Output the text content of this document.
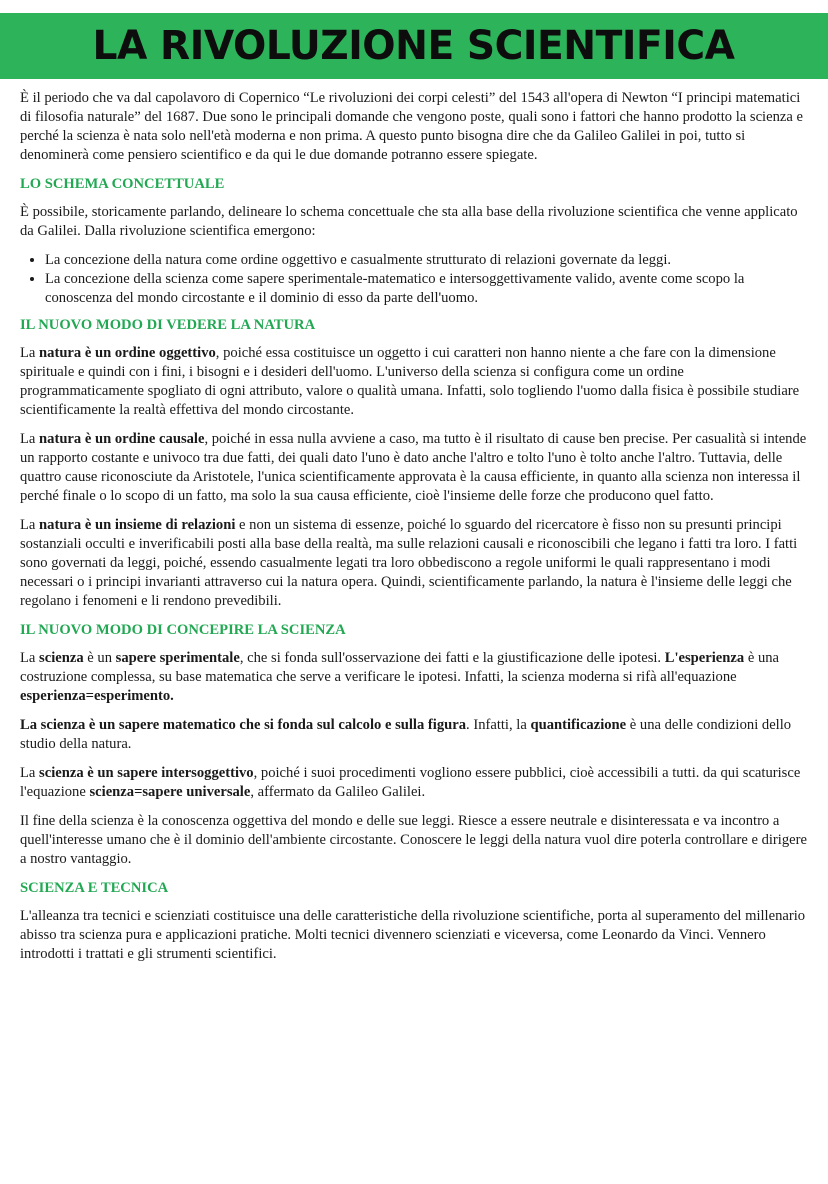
LA RIVOLUZIONE SCIENTIFICA

È il periodo che va dal capolavoro di Copernico “Le rivoluzioni dei corpi celesti” del 1543 all'opera di Newton “I principi matematici di filosofia naturale” del 1687. Due sono le principali domande che vengono poste, quali sono i fattori che hanno prodotto la scienza e perché la scienza è nata solo nell'età moderna e non prima. A questo punto bisogna dire che da Galileo Galilei in poi, tutto si denominerà come pensiero scientifico e da qui le due domande potranno essere spiegate.

LO SCHEMA CONCETTUALE

È possibile, storicamente parlando, delineare lo schema concettuale che sta alla base della rivoluzione scientifica che venne applicato da Galilei. Dalla rivoluzione scientifica emergono:

• La concezione della natura come ordine oggettivo e casualmente strutturato di relazioni governate da leggi.
• La concezione della scienza come sapere sperimentale-matematico e intersoggettivamente valido, avente come scopo la conoscenza del mondo circostante e il dominio di esso da parte dell'uomo.
IL NUOVO MODO DI VEDERE LA NATURA

La natura è un ordine oggettivo, poiché essa costituisce un oggetto i cui caratteri non hanno niente a che fare con la dimensione spirituale e quindi con i fini, i bisogni e i desideri dell'uomo. L'universo della scienza si configura come un ordine programmaticamente spogliato di ogni attributo, valore o qualità umana. Infatti, solo togliendo l'uomo dalla fisica è possibile studiare scientificamente la realtà effettiva del mondo circostante.

La natura è un ordine causale, poiché in essa nulla avviene a caso, ma tutto è il risultato di cause ben precise. Per casualità si intende un rapporto costante e univoco tra due fatti, dei quali dato l'uno è dato anche l'altro e tolto l'uno è tolto anche l'altro. Tuttavia, delle quattro cause riconosciute da Aristotele, l'unica scientificamente approvata è la causa efficiente, in quanto alla scienza non interessa il perché finale o lo scopo di un fatto, ma solo la sua causa efficiente, cioè l'insieme delle forze che producono quel fatto.

La natura è un insieme di relazioni e non un sistema di essenze, poiché lo sguardo del ricercatore è fisso non su presunti principi sostanziali occulti e inverificabili posti alla base della realtà, ma sulle relazioni causali e riconoscibili che legano i fatti tra loro. I fatti sono governati da leggi, poiché, essendo casualmente legati tra loro obbediscono a regole uniformi le quali rappresentano i modi necessari o i principi invarianti attraverso cui la natura opera. Quindi, scientificamente parlando, la natura è l'insieme delle leggi che regolano i fenomeni e li rendono prevedibili.

IL NUOVO MODO DI CONCEPIRE LA SCIENZA

La scienza è un sapere sperimentale, che si fonda sull'osservazione dei fatti e la giustificazione delle ipotesi. L'esperienza è una costruzione complessa, su base matematica che serve a verificare le ipotesi. Infatti, la scienza moderna si rifà all'equazione esperienza=esperimento.

La scienza è un sapere matematico che si fonda sul calcolo e sulla figura. Infatti, la quantificazione è una delle condizioni dello studio della natura.

La scienza è un sapere intersoggettivo, poiché i suoi procedimenti vogliono essere pubblici, cioè accessibili a tutti. da qui scaturisce l'equazione scienza=sapere universale, affermato da Galileo Galilei.

Il fine della scienza è la conoscenza oggettiva del mondo e delle sue leggi. Riesce a essere neutrale e disinteressata e va incontro a quell'interesse umano che è il dominio dell'ambiente circostante. Conoscere le leggi della natura vuol dire poterla controllare e dirigere a nostro vantaggio.

SCIENZA E TECNICA

L'alleanza tra tecnici e scienziati costituisce una delle caratteristiche della rivoluzione scientifiche, porta al superamento del millenario abisso tra scienza pura e applicazioni pratiche. Molti tecnici divennero scienziati e viceversa, come Leonardo da Vinci. Vennero introdotti i trattati e gli strumenti scientifici.
